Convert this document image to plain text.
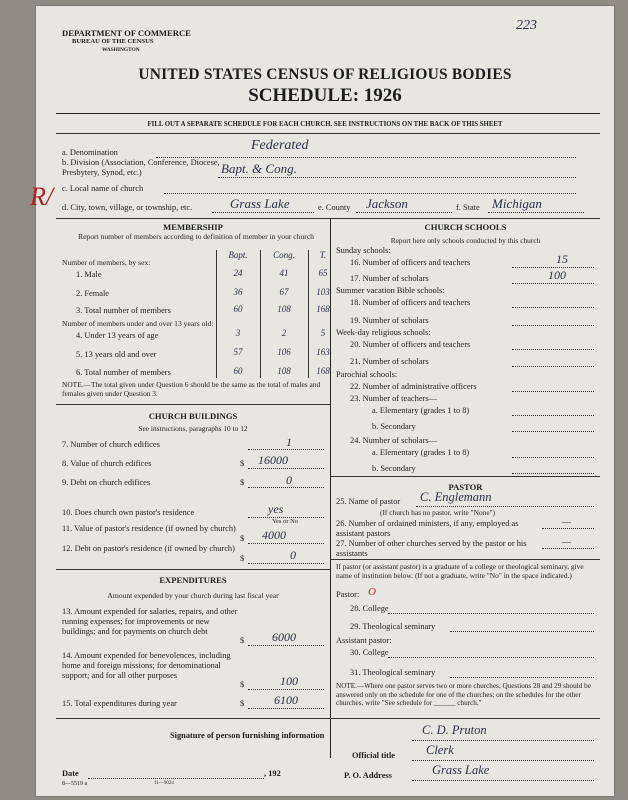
DEPARTMENT OF COMMERCE
BUREAU OF THE CENSUS
WASHINGTON
223
UNITED STATES CENSUS OF RELIGIOUS BODIES
SCHEDULE: 1926
FILL OUT A SEPARATE SCHEDULE FOR EACH CHURCH. SEE INSTRUCTIONS ON THE BACK OF THIS SHEET
a. Denomination	Federated
b. Division (Association, Conference, Diocese, Presbytery, Synod, etc.)	Bapt. & Cong.
c. Local name of church
R/ d. City, town, village, or township, etc.	Grass Lake	e. County Jackson	f. State Michigan
MEMBERSHIP
Report number of members according to definition of member in your church
Number of members, by sex:
Bapt.	Cong.	T.
1. Male	24	41	65
2. Female	36	67	103
3. Total number of members	60	108	168
Number of members under and over 13 years old:
4. Under 13 years of age	3	2	5
5. 13 years old and over	57	106	163
6. Total number of members	60	108	168
NOTE.—The total given under Question 6 should be the same as the total of males and females given under Question 3.
CHURCH BUILDINGS
See instructions, paragraphs 10 to 12
7. Number of church edifices	1
8. Value of church edifices	$ 16000
9. Debt on church edifices	$	0
10. Does church own pastor's residence	yes
Yes or No
11. Value of pastor's residence (if owned by church)
$ 4000
12. Debt on pastor's residence (if owned by church)
$	0
EXPENDITURES
Amount expended by your church during last fiscal year
13. Amount expended for salaries, repairs, and other running expenses; for improvements or new buildings; and for payments on church debt
$ 6000
14. Amount expended for benevolences, including home and foreign missions; for denominational support; and for all other purposes
$	100
15. Total expenditures during year	$ 6100
CHURCH SCHOOLS
Report here only schools conducted by this church
Sunday schools:
16. Number of officers and teachers	15
17. Number of scholars	100
Summer vacation Bible schools:
18. Number of officers and teachers
19. Number of scholars
Week-day religious schools:
20. Number of officers and teachers
21. Number of scholars
Parochial schools:
22. Number of administrative officers
23. Number of teachers—
a. Elementary (grades 1 to 8)
b. Secondary
24. Number of scholars—
a. Elementary (grades 1 to 8)
b. Secondary
PASTOR
25. Name of pastor C. Englemann
(If church has no pastor, write "None")
26. Number of ordained ministers, if any, employed as assistant pastors
—
27. Number of other churches served by the pastor or his assistants
—
If pastor (or assistant pastor) is a graduate of a college or theological seminary, give name of institution below. (If not a graduate, write "No" in the space indicated.)
Pastor: O
28. College
29. Theological seminary
Assistant pastor:
30. College
31. Theological seminary
NOTE.—Where one pastor serves two or more churches, Questions 28 and 29 should be answered only on the schedule for one of the churches; on the schedules for the other churches, write "See schedule for ______ church."
Signature of person furnishing information	C. D. Pruton
Official title Clerk
Date	, 192	P. O. Address	Grass Lake
8—5519 a	11—9024
